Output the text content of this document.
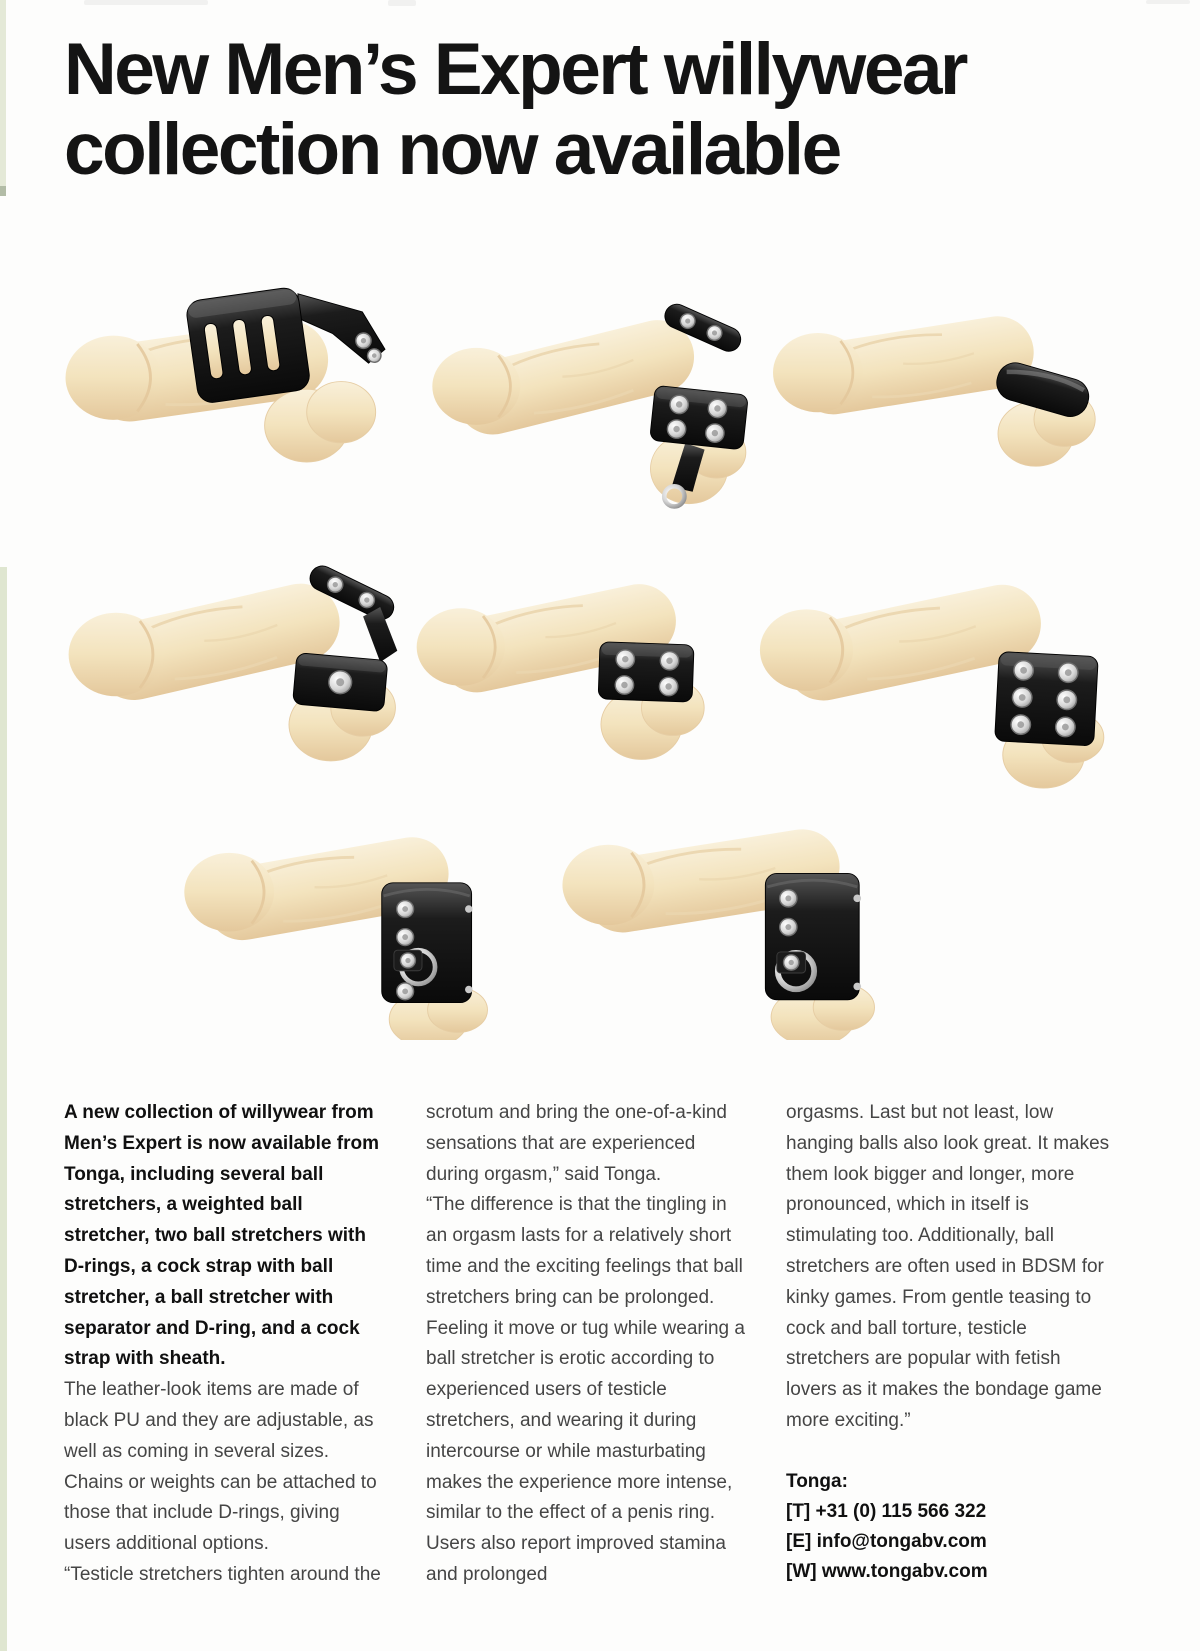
New Men’s Expert willywear
collection now available

A new collection of willywear from Men’s Expert is now available from Tonga, including several ball stretchers, a weighted ball stretcher, two ball stretchers with D-rings, a cock strap with ball stretcher, a ball stretcher with separator and D-ring, and a cock strap with sheath.

The leather-look items are made of black PU and they are adjustable, as well as coming in several sizes. Chains or weights can be attached to those that include D-rings, giving users additional options.

“Testicle stretchers tighten around the

scrotum and bring the one-of-a-kind sensations that are experienced during orgasm,” said Tonga.

“The difference is that the tingling in an orgasm lasts for a relatively short time and the exciting feelings that ball stretchers bring can be prolonged. Feeling it move or tug while wearing a ball stretcher is erotic according to experienced users of testicle stretchers, and wearing it during intercourse or while masturbating makes the experience more intense, similar to the effect of a penis ring. Users also report improved stamina and prolonged

orgasms. Last but not least, low hanging balls also look great. It makes them look bigger and longer, more pronounced, which in itself is stimulating too. Additionally, ball stretchers are often used in BDSM for kinky games. From gentle teasing to cock and ball torture, testicle stretchers are popular with fetish lovers as it makes the bondage game more exciting.”

Tonga:

[T] +31 (0) 115 566 322

[E] info@tongabv.com

[W] www.tongabv.com
